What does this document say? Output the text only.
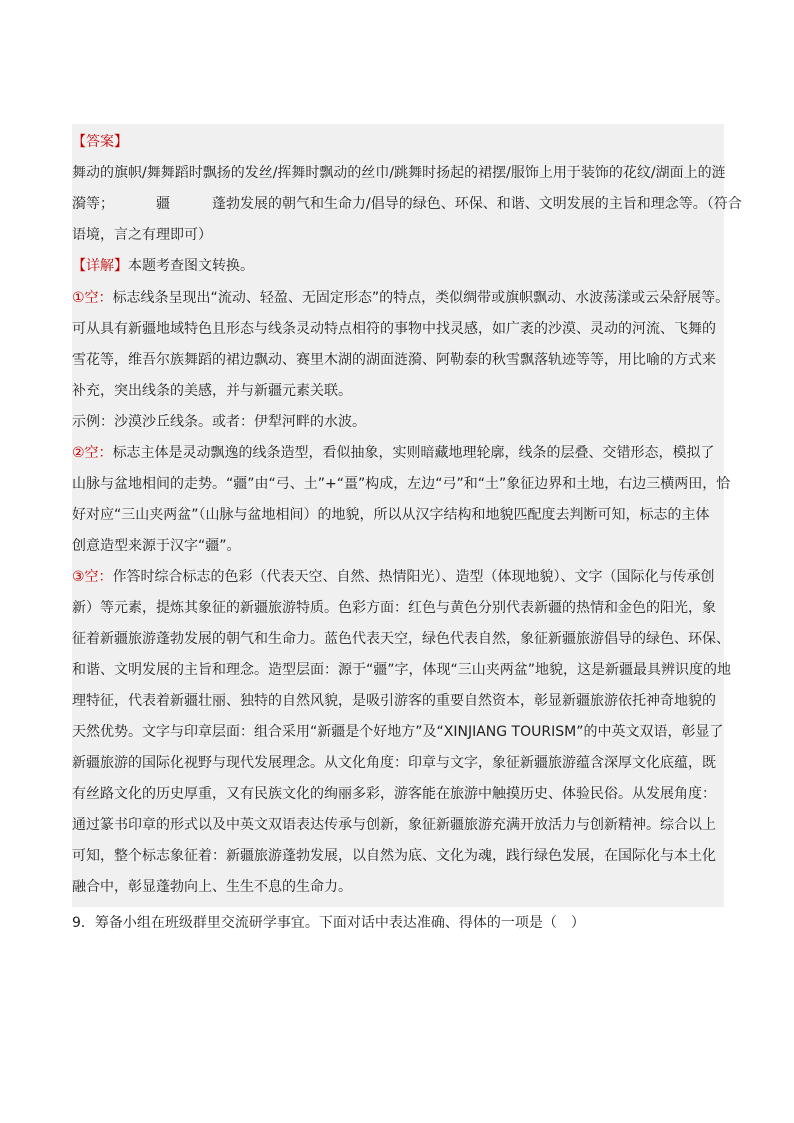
【答案】
舞动的旗帜/舞舞蹈时飘扬的发丝/挥舞时飘动的丝巾/跳舞时扬起的裙摆/服饰上用于装饰的花纹/湖面上的涟
漪等；	疆	蓬勃发展的朝气和生命力/倡导的绿色、环保、和谐、文明发展的主旨和理念等。（符合
语境，言之有理即可）
【详解】本题考查图文转换。
①空：标志线条呈现出“流动、轻盈、无固定形态”的特点，类似绸带或旗帜飘动、水波荡漾或云朵舒展等。
可从具有新疆地域特色且形态与线条灵动特点相符的事物中找灵感，如广袤的沙漠、灵动的河流、飞舞的
雪花等，维吾尔族舞蹈的裙边飘动、赛里木湖的湖面涟漪、阿勒泰的秋雪飘落轨迹等等，用比喻的方式来
补充，突出线条的美感，并与新疆元素关联。
示例：沙漠沙丘线条。或者：伊犁河畔的水波。
②空：标志主体是灵动飘逸的线条造型，看似抽象，实则暗藏地理轮廓，线条的层叠、交错形态，模拟了
山脉与盆地相间的走势。“疆”由“弓、土”+“畺”构成，左边“弓”和“土”象征边界和土地，右边三横两田，恰
好对应“三山夹两盆”（山脉与盆地相间）的地貌，所以从汉字结构和地貌匹配度去判断可知，标志的主体
创意造型来源于汉字“疆”。
③空：作答时综合标志的色彩（代表天空、自然、热情阳光）、造型（体现地貌）、文字（国际化与传承创
新）等元素，提炼其象征的新疆旅游特质。色彩方面：红色与黄色分别代表新疆的热情和金色的阳光，象
征着新疆旅游蓬勃发展的朝气和生命力。蓝色代表天空，绿色代表自然，象征新疆旅游倡导的绿色、环保、
和谐、文明发展的主旨和理念。造型层面：源于“疆”字，体现“三山夹两盆”地貌，这是新疆最具辨识度的地
理特征，代表着新疆壮丽、独特的自然风貌，是吸引游客的重要自然资本，彰显新疆旅游依托神奇地貌的
天然优势。文字与印章层面：组合采用“新疆是个好地方”及“XINJIANG TOURISM”的中英文双语，彰显了
新疆旅游的国际化视野与现代发展理念。从文化角度：印章与文字，象征新疆旅游蕴含深厚文化底蕴，既
有丝路文化的历史厚重，又有民族文化的绚丽多彩，游客能在旅游中触摸历史、体验民俗。从发展角度：
通过篆书印章的形式以及中英文双语表达传承与创新，象征新疆旅游充满开放活力与创新精神。综合以上
可知，整个标志象征着：新疆旅游蓬勃发展，以自然为底、文化为魂，践行绿色发展，在国际化与本土化
融合中，彰显蓬勃向上、生生不息的生命力。
9．筹备小组在班级群里交流研学事宜。下面对话中表达准确、得体的一项是（　）
